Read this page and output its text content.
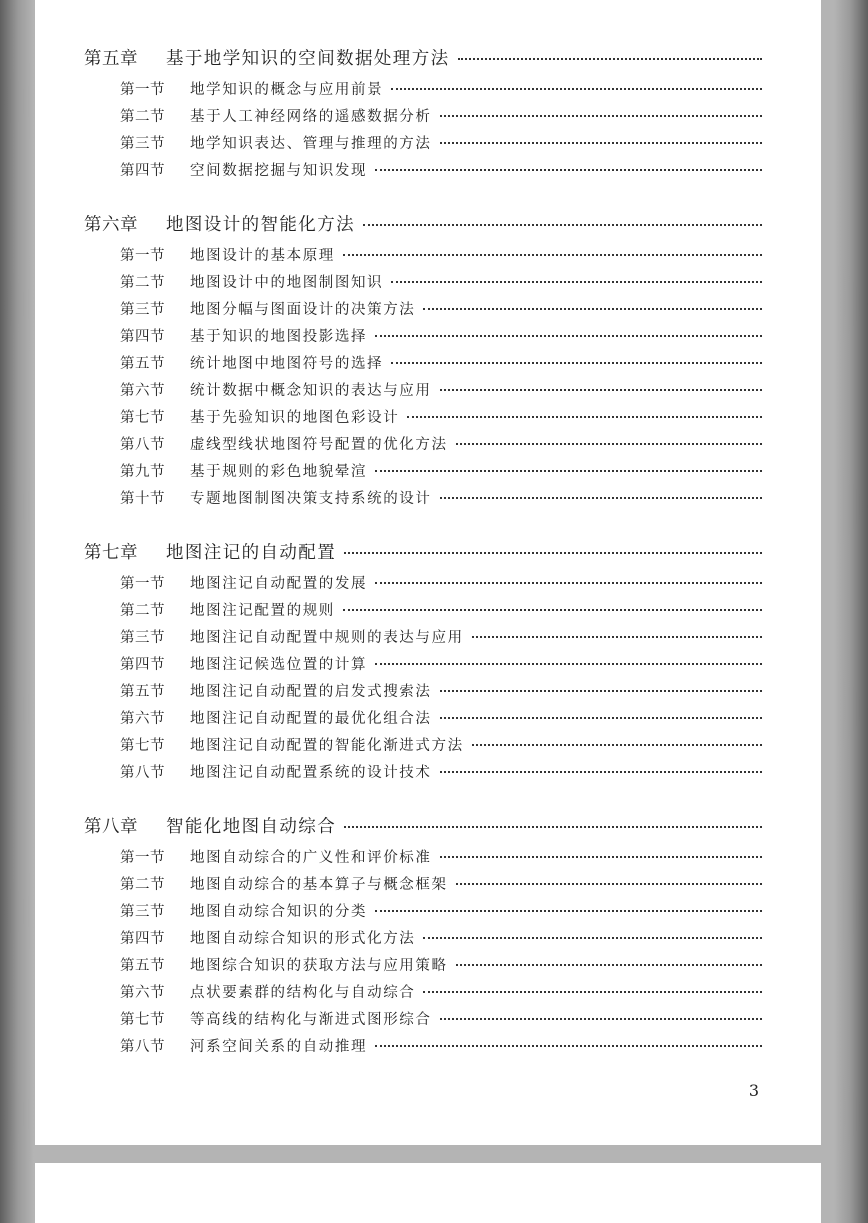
第五章	基于地学知识的空间数据处理方法
第一节	地学知识的概念与应用前景
第二节	基于人工神经网络的遥感数据分析
第三节	地学知识表达、管理与推理的方法
第四节	空间数据挖掘与知识发现
第六章	地图设计的智能化方法
第一节	地图设计的基本原理
第二节	地图设计中的地图制图知识
第三节	地图分幅与图面设计的决策方法
第四节	基于知识的地图投影选择
第五节	统计地图中地图符号的选择
第六节	统计数据中概念知识的表达与应用
第七节	基于先验知识的地图色彩设计
第八节	虚线型线状地图符号配置的优化方法
第九节	基于规则的彩色地貌晕渲
第十节	专题地图制图决策支持系统的设计
第七章	地图注记的自动配置
第一节	地图注记自动配置的发展
第二节	地图注记配置的规则
第三节	地图注记自动配置中规则的表达与应用
第四节	地图注记候选位置的计算
第五节	地图注记自动配置的启发式搜索法
第六节	地图注记自动配置的最优化组合法
第七节	地图注记自动配置的智能化渐进式方法
第八节	地图注记自动配置系统的设计技术
第八章	智能化地图自动综合
第一节	地图自动综合的广义性和评价标准
第二节	地图自动综合的基本算子与概念框架
第三节	地图自动综合知识的分类
第四节	地图自动综合知识的形式化方法
第五节	地图综合知识的获取方法与应用策略
第六节	点状要素群的结构化与自动综合
第七节	等高线的结构化与渐进式图形综合
第八节	河系空间关系的自动推理
3
